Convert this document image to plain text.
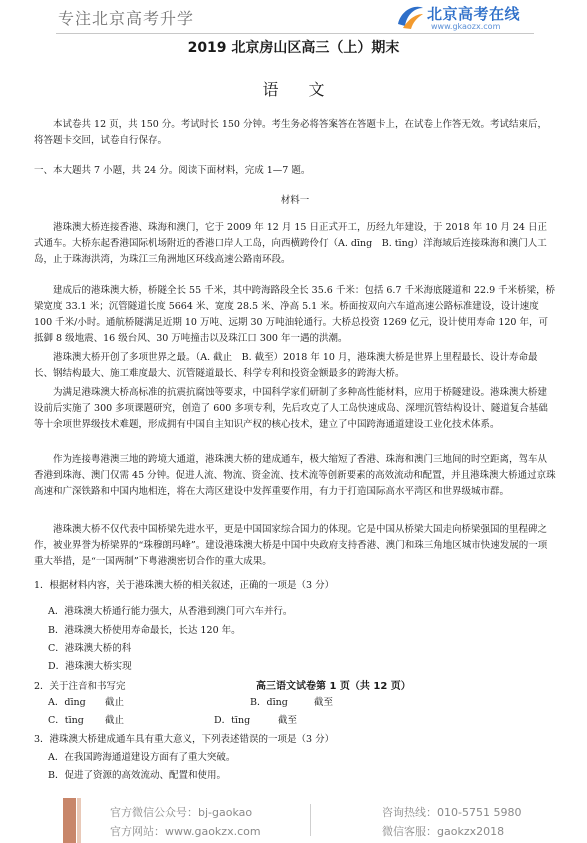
专注北京高考升学	北京高考在线
www.gkaozx.com
2019 北京房山区高三（上）期末
语文

本试卷共 12 页，共 150 分。考试时长 150 分钟。考生务必将答案答在答题卡上，在试卷上作答无效。考试结束后，将答题卡交回，试卷自行保存。

一、本大题共 7 小题，共 24 分。阅读下面材料，完成 1—7 题。

材料一

港珠澳大桥连接香港、珠海和澳门，它于 2009 年 12 月 15 日正式开工，历经九年建设，于 2018 年 10 月 24 日正式通车。大桥东起香港国际机场附近的香港口岸人工岛，向西横跨伶仃（A. dīng　B. tīng）洋海域后连接珠海和澳门人工岛，止于珠海洪湾，为珠江三角洲地区环线高速公路南环段。

建成后的港珠澳大桥，桥隧全长 55 千米，其中跨海路段全长 35.6 千米：包括 6.7 千米海底隧道和 22.9 千米桥梁，桥梁宽度 33.1 米；沉管隧道长度 5664 米、宽度 28.5 米、净高 5.1 米。桥面按双向六车道高速公路标准建设，设计速度 100 千米/小时。通航桥隧满足近期 10 万吨、远期 30 万吨油轮通行。大桥总投资 1269 亿元，设计使用寿命 120 年，可抵御 8 级地震、16 级台风、30 万吨撞击以及珠江口 300 年一遇的洪潮。

港珠澳大桥开创了多项世界之最。（A. 截止　B. 截至）2018 年 10 月，港珠澳大桥是世界上里程最长、设计寿命最长、钢结构最大、施工难度最大、沉管隧道最长、科学专利和投资金额最多的跨海大桥。

为满足港珠澳大桥高标准的抗震抗腐蚀等要求，中国科学家们研制了多种高性能材料，应用于桥隧建设。港珠澳大桥建设前后实施了 300 多项课题研究，创造了 600 多项专利，先后攻克了人工岛快速成岛、深埋沉管结构设计、隧道复合基础等十余项世界级技术难题，形成拥有中国自主知识产权的核心技术，建立了中国跨海通道建设工业化技术体系。

作为连接粤港澳三地的跨境大通道，港珠澳大桥的建成通车，极大缩短了香港、珠海和澳门三地间的时空距离，驾车从香港到珠海、澳门仅需 45 分钟。促进人流、物流、资金流、技术流等创新要素的高效流动和配置，并且港珠澳大桥通过京珠高速和广深铁路和中国内地相连，将在大湾区建设中发挥重要作用，有力于打造国际高水平湾区和世界级城市群。

港珠澳大桥不仅代表中国桥梁先进水平，更是中国国家综合国力的体现。它是中国从桥梁大国走向桥梁强国的里程碑之作，被业界誉为桥梁界的“珠穆朗玛峰”。建设港珠澳大桥是中国中央政府支持香港、澳门和珠三角地区城市快速发展的一项重大举措，是“一国两制”下粤港澳密切合作的重大成果。

1．根据材料内容，关于港珠澳大桥的相关叙述，正确的一项是（3 分）
A．港珠澳大桥通行能力强大，从香港到澳门可六车并行。
B．港珠澳大桥使用寿命最长，长达 120 年。
C．港珠澳大桥的科
D．港珠澳大桥实现
高三语文试卷第 1 页（共 12 页）
2．关于注音和书写完
A．dīng 截止	B．dīng	截至
C．tīng 截止	D．tīng	截至
3．港珠澳大桥建成通车具有重大意义，下列表述错误的一项是（3 分）
A．在我国跨海通道建设方面有了重大突破。
B．促进了资源的高效流动、配置和使用。
官方微信公众号：bj-gaokao
官方网站：www.gaokzx.com
咨询热线：010-5751 5980
微信客服：gaokzx2018
